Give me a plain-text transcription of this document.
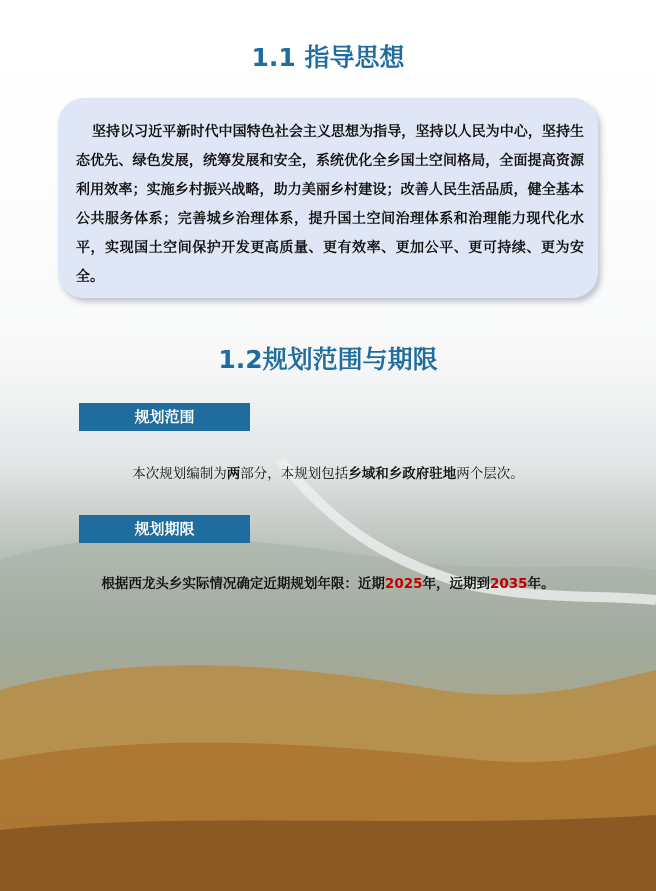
1.1 指导思想

坚持以习近平新时代中国特色社会主义思想为指导，坚持以人民为中心，坚持生态优先、绿色发展，统筹发展和安全，系统优化全乡国土空间格局，全面提高资源利用效率；实施乡村振兴战略，助力美丽乡村建设；改善人民生活品质，健全基本公共服务体系；完善城乡治理体系，提升国土空间治理体系和治理能力现代化水平，实现国土空间保护开发更高质量、更有效率、更加公平、更可持续、更为安全。

1.2规划范围与期限
规划范围

本次规划编制为两部分，本规划包括乡域和乡政府驻地两个层次。

规划期限

根据西龙头乡实际情况确定近期规划年限：近期2025年，远期到2035年。
